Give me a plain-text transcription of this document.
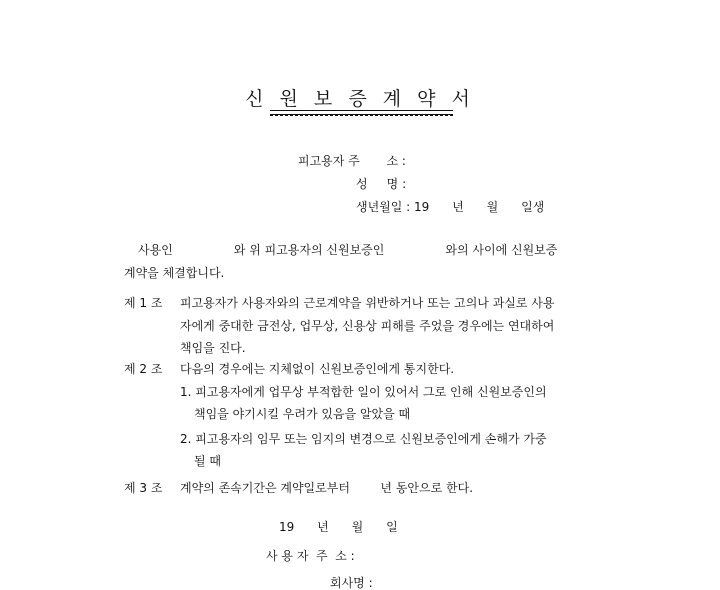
신 원 보 증 계 약 서
피고용자 주       소 :
성     명 :
생년월일 : 19      년      월      일생
사용인                와 위 피고용자의 신원보증인                와의 사이에 신원보증
계약을 체결합니다.
제 1 조 피고용자가 사용자와의 근로계약을 위반하거나 또는 고의나 과실로 사용
자에게 중대한 금전상, 업무상, 신용상 피해를 주었을 경우에는 연대하여
책임을 진다.
제 2 조 다음의 경우에는 지체없이 신원보증인에게 통지한다.
1. 피고용자에게 업무상 부적합한 일이 있어서 그로 인해 신원보증인의
책임을 야기시킬 우려가 있음을 알았을 때
2. 피고용자의 임무 또는 임지의 변경으로 신원보증인에게 손해가 가중
될 때
제 3 조 계약의 존속기간은 계약일로부터        년 동안으로 한다.
19      년      월      일
사 용 자  주  소 :
회사명 :
